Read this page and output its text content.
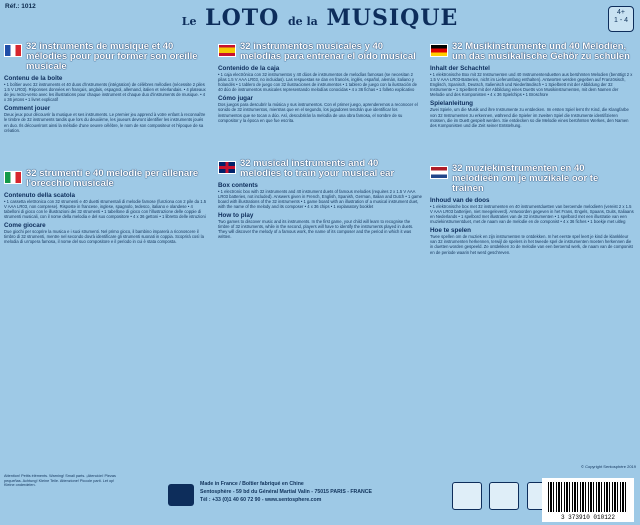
Réf.: 1012
Le LOTO de la MUSIQUE	4+
1 - 4
32 instruments de musique et 40 mélodies pour pour former son oreille musicale
Contenu de la boîte
• 1 boîtier avec 32 instruments et 40 duos d'instruments (intégration) de célèbres mélodies (nécessite 2 piles 1.5 V LR03). Réponses données en français, anglais, espagnol, allemand, italien et néerlandais. • 4 plateaux de jeu recto-verso avec les illustrations pour chaque instrument et chaque duo d'instruments de musique. • 4 x 36 jetons • 1 livret explicatif
Comment jouer
Deux jeux pour découvrir la musique et ses instruments. Le premier jeu apprend à votre enfant à reconnaître le timbre de 32 instruments tandis que lors du deuxième, les joueurs devront identifier les instruments joués en duo. Ils découvriront ainsi la mélodie d'une oeuvre célèbre, le nom de son compositeur et l'époque de sa création.
32 strumenti e 40 melodie per allenare l'orecchio musicale
Contenuto della scatola
• 1 cassetta elettronica con 32 strumenti e 40 duetti strumentali di melodie famose (funziona con 2 pile da 1.5 V AAA LR03, non comprese). Risposte in francese, inglese, spagnolo, tedesco, italiano e olandese • 4 tabelloni di gioco con le illustrazioni dei 32 strumenti • 1 tabellone di gioco con l'illustrazione delle coppie di strumenti musicali, con il nome della melodia e del suo compositore • 4 x 36 gettoni • 1 libretto delle istruzioni
Come giocare
Due giochi per scoprire la musica e i suoi strumenti. Nel primo gioco, il bambino imparerà a riconoscere il timbro di 32 strumenti, mentre nel secondo dovrà identificare gli strumenti suonati in coppia. Scoprirà così la melodia di un'opera famosa, il nome del suo compositore e il periodo in cui è stata composta.
32 instrumentos musicales y 40 melodías para entrenar el oído musical
Contenido de la caja
• 1 caja electrónica con 32 instrumentos y 40 dúos de instrumentos de melodías famosas (se necesitan 2 pilas 1.5 V AAA LR03, no incluidas). Las respuestas se dan en francés, inglés, español, alemán, italiano y holandés • 1 tablero de juego con 32 ilustraciones de instrumentos • 1 tablero de juego con la ilustración de 40 dúo de instrumentos musicales representando melodías conocidas • 4 x 36 fichas • 1 folleto explicativo
Cómo jugar
Dos juegos para descubrir la música y sus instrumentos. Con el primer juego, aprenderemos a reconocer el sonido de 32 instrumentos, mientras que en el segundo, los jugadores tendrán que identificar los instrumentos que se tocan a dúo. Así, descubrirán la melodía de una obra famosa, el nombre de su compositor y la época en que fue escrita.
32 musical instruments and 40 melodies to train your musical ear
Box contents
• 1 electronic box with 32 instruments and 40 instrument duets of famous melodies (requires 2 x 1.5 V AAA LR03 batteries, not included). Answers given in French, English, Spanish, German, Italian and Dutch • 1 game board with illustrations of the 32 instruments • 1 game board with an illustration of a musical instrument duet, with the name of the melody and its composer • 4 x 36 chips • 1 explanatory booklet
How to play
Two games to discover music and its instruments. In the first game, your child will learn to recognise the timbre of 32 instruments, while in the second, players will have to identify the instruments played in duets. They will discover the melody of a famous work, the name of its composer and the period in which it was written.
32 Musikinstrumente und 40 Melodien, um das musikalische Gehör zu schulen
Inhalt der Schachtel
• 1 elektronische Box mit 32 Instrumenten und 40 Instrumentenduetten aus berühmten Melodien (benötigt 2 x 1.5 V AAA LR03-Batterien, nicht im Lieferumfang enthalten). Antworten werden gegeben auf Französisch, Englisch, Spanisch, Deutsch, Italienisch und Niederländisch • 1 Spielbrett mit der Abbildung der 32 Instrumente • 1 Spielbrett mit der Abbildung eines Duetts von Musikinstrumenten, mit dem Namen der Melodie und des Komponisten • 4 x 36 Spielchips • 1 Broschüre
Spielanleitung
Zwei Spiele, um die Musik und ihre Instrumente zu entdecken. Im ersten Spiel lernt Ihr Kind, die Klangfarbe von 32 Instrumenten zu erkennen, während die Spieler im zweiten Spiel die Instrumente identifizieren müssen, die im Duett gespielt werden. Sie entdecken so die Melodie eines berühmten Werkes, den Namen des Komponisten und die Zeit seiner Entstehung.
32 muziekinstrumenten en 40 melodieën om je muzikale oor te trainen
Inhoud van de doos
• 1 elektronische box met 32 instrumenten en 40 instrumentduetten van beroemde melodieën (vereist 2 x 1.5 V AAA LR03 batterijen, niet meegeleverd). Antwoorden gegeven in het Frans, Engels, Spaans, Duits, Italiaans en Nederlands • 1 spelbord met illustraties van de 32 instrumenten • 1 spelbord met een illustratie van een muziekinstrumentduet, met de naam van de melodie en de componist • 4 x 36 fiches • 1 boekje met uitleg
Hoe te spelen
Twee spellen om de muziek en zijn instrumenten te ontdekken. In het eerste spel leert je kind de klankkleur van 32 instrumenten herkennen, terwijl de spelers in het tweede spel de instrumenten moeten herkennen die in duetten worden gespeeld. Ze ontdekken zo de melodie van een beroemd werk, de naam van de componist en de periode waarin het werd geschreven.
Attention! Petits éléments. Warning! Small parts. ¡Atención! Piezas pequeñas. Achtung! Kleine Teile. Attenzione! Piccole parti. Let op! Kleine onderdelen.	Made in France / Boîtier fabriqué en Chine
Sentosphère - 59 bd du Général Martial Valin - 75015 PARIS - FRANCE
Tél : +33 (0)1 40 60 72 90 - www.sentosphere.com

© Copyright Sentosphère 2019
3 373910 010122
